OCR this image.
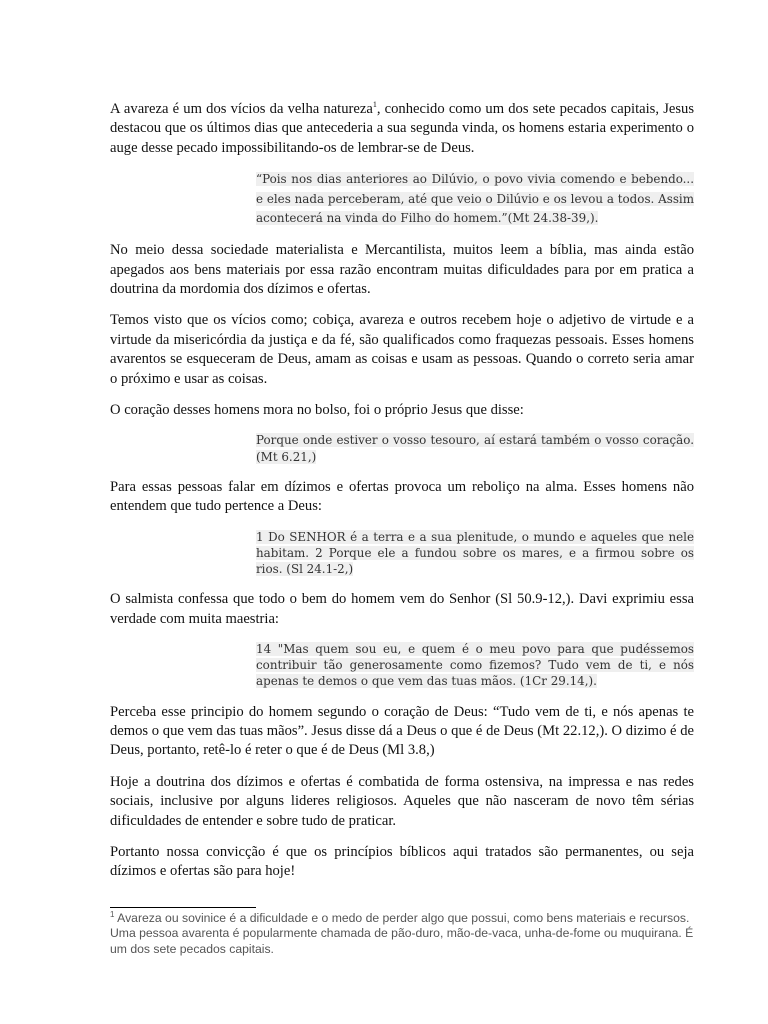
A avareza é um dos vícios da velha natureza$^1$, conhecido como um dos sete pecados capitais, Jesus destacou que os últimos dias que antecederia a sua segunda vinda, os homens estaria experimento o auge desse pecado impossibilitando-os de lembrar-se de Deus.

“Pois nos dias anteriores ao Dilúvio, o povo vivia comendo e bebendo... e eles nada perceberam, até que veio o Dilúvio e os levou a todos. Assim acontecerá na vinda do Filho do homem.”(Mt 24.38-39,).

No meio dessa sociedade materialista e Mercantilista, muitos leem a bíblia, mas ainda estão apegados aos bens materiais por essa razão encontram muitas dificuldades para por em pratica a doutrina da mordomia dos dízimos e ofertas.

Temos visto que os vícios como; cobiça, avareza e outros recebem hoje o adjetivo de virtude e a virtude da misericórdia da justiça e da fé, são qualificados como fraquezas pessoais. Esses homens avarentos se esqueceram de Deus, amam as coisas e usam as pessoas. Quando o correto seria amar o próximo e usar as coisas.

O coração desses homens mora no bolso, foi o próprio Jesus que disse:

Porque onde estiver o vosso tesouro, aí estará também o vosso coração. (Mt 6.21,)

Para essas pessoas falar em dízimos e ofertas provoca um reboliço na alma. Esses homens não entendem que tudo pertence a Deus:

1 Do SENHOR é a terra e a sua plenitude, o mundo e aqueles que nele habitam. 2 Porque ele a fundou sobre os mares, e a firmou sobre os rios. (Sl 24.1-2,)

O salmista confessa que todo o bem do homem vem do Senhor (Sl 50.9-12,). Davi exprimiu essa verdade com muita maestria:

14 "Mas quem sou eu, e quem é o meu povo para que pudéssemos contribuir tão generosamente como fizemos? Tudo vem de ti, e nós apenas te demos o que vem das tuas mãos. (1Cr 29.14,).

Perceba esse principio do homem segundo o coração de Deus: “Tudo vem de ti, e nós apenas te demos o que vem das tuas mãos”. Jesus disse dá a Deus o que é de Deus (Mt 22.12,). O dizimo é de Deus, portanto, retê-lo é reter o que é de Deus (Ml 3.8,)

Hoje a doutrina dos dízimos e ofertas é combatida de forma ostensiva, na impressa e nas redes sociais, inclusive por alguns lideres religiosos. Aqueles que não nasceram de novo têm sérias dificuldades de entender e sobre tudo de praticar.

Portanto nossa convicção é que os princípios bíblicos aqui tratados são permanentes, ou seja dízimos e ofertas são para hoje!

$^1$ Avareza ou sovinice é a dificuldade e o medo de perder algo que possui, como bens materiais e recursos. Uma pessoa avarenta é popularmente chamada de pão-duro, mão-de-vaca, unha-de-fome ou muquirana. É um dos sete pecados capitais.
